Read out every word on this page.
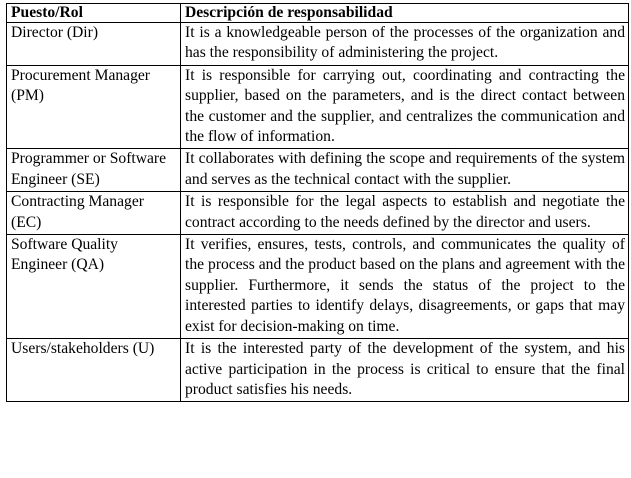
Puesto/Rol	Descripción de responsabilidad
Director (Dir)	It is a knowledgeable person of the processes of the organization and has the responsibility of administering the project.
Procurement Manager (PM)	It is responsible for carrying out, coordinating and contracting the supplier, based on the parameters, and is the direct contact between the customer and the supplier, and centralizes the communication and the flow of information.
Programmer or Software Engineer (SE)	It collaborates with defining the scope and requirements of the system and serves as the technical contact with the supplier.
Contracting Manager (EC)	It is responsible for the legal aspects to establish and negotiate the contract according to the needs defined by the director and users.
Software Quality Engineer (QA)	It verifies, ensures, tests, controls, and communicates the quality of the process and the product based on the plans and agreement with the supplier. Furthermore, it sends the status of the project to the interested parties to identify delays, disagreements, or gaps that may exist for decision-making on time.
Users/stakeholders (U)	It is the interested party of the development of the system, and his active participation in the process is critical to ensure that the final product satisfies his needs.
